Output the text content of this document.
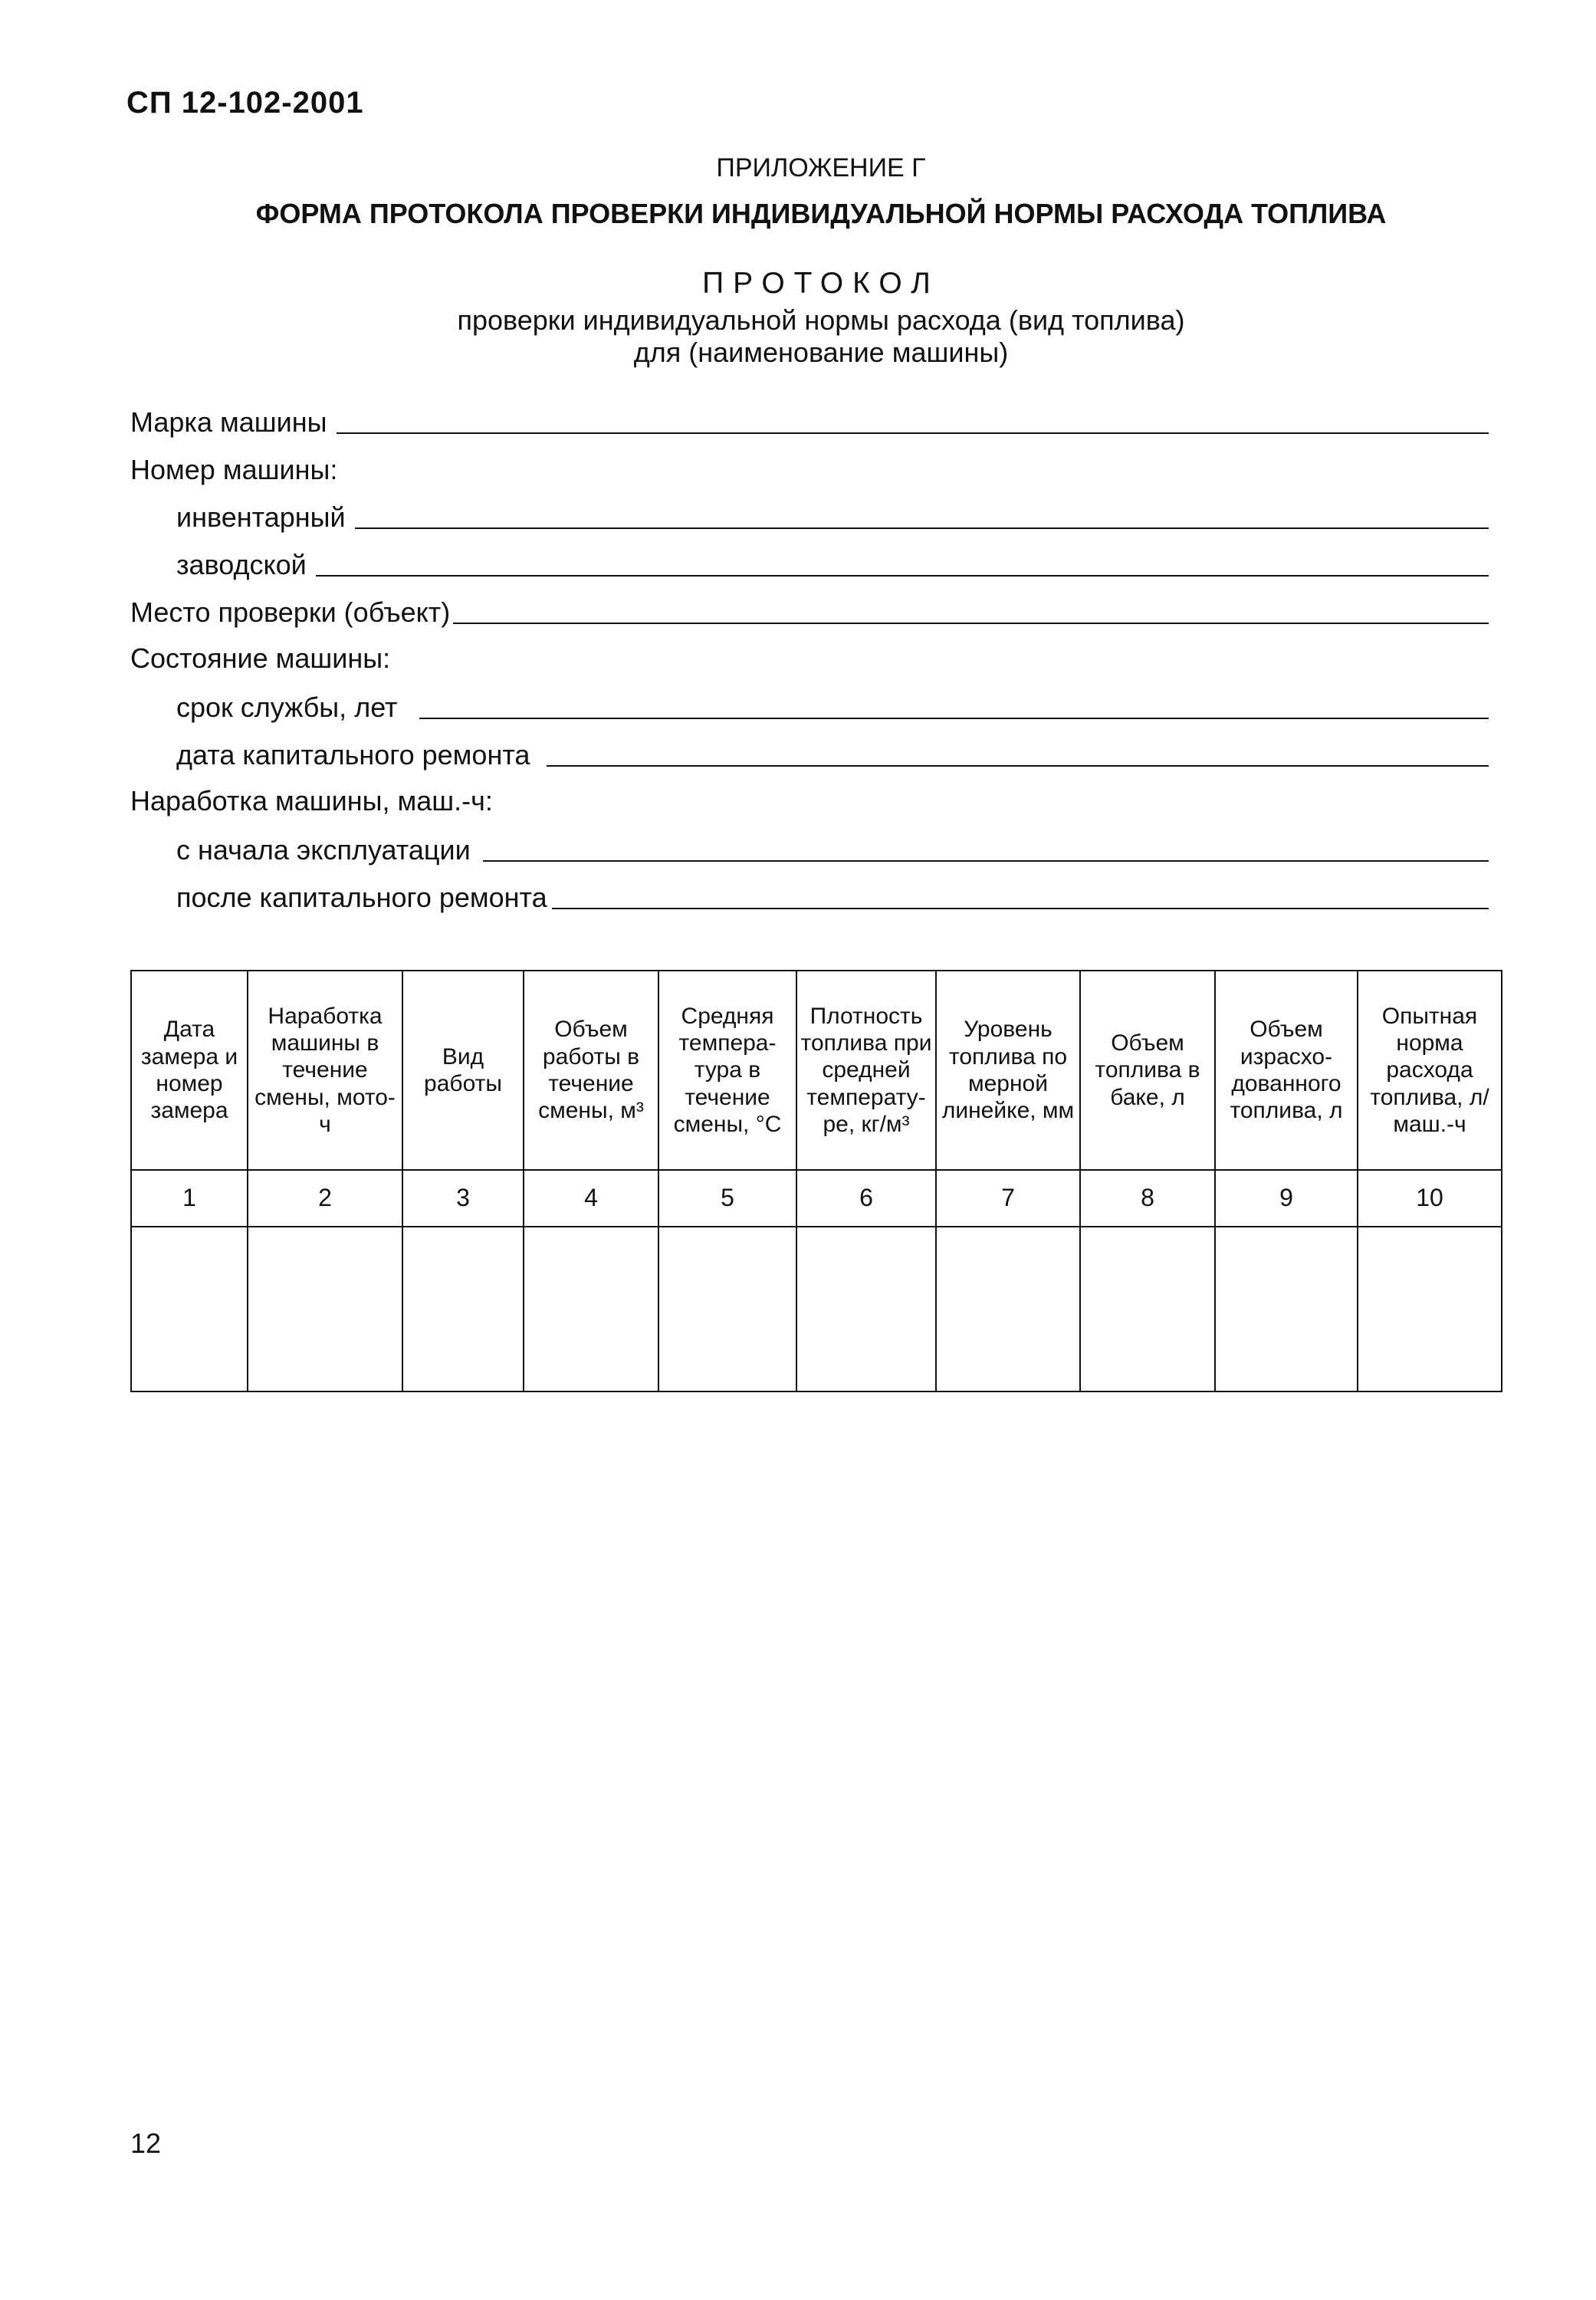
СП 12-102-2001
ПРИЛОЖЕНИЕ Г
ФОРМА ПРОТОКОЛА ПРОВЕРКИ ИНДИВИДУАЛЬНОЙ НОРМЫ РАСХОДА ТОПЛИВА
ПРОТОКОЛ
проверки индивидуальной нормы расхода (вид топлива)
для (наименование машины)
Марка машины
Номер машины:
инвентарный
заводской
Место проверки (объект)
Состояние машины:
срок службы, лет
дата капитального ремонта
Наработка машины, маш.-ч:
с начала эксплуатации
после капитального ремонта
Дата замера и номер замера	Наработка машины в течение смены, мото-ч	Вид работы	Объем работы в течение смены, м³	Средняя темпера-тура в течение смены, °С	Плотность топлива при средней температу-ре, кг/м³	Уровень топлива по мерной линейке, мм	Объем топлива в баке, л	Объем израсхо-дованного топлива, л	Опытная норма расхода топлива, л/маш.-ч
1	2	3	4	5	6	7	8	9	10

12
